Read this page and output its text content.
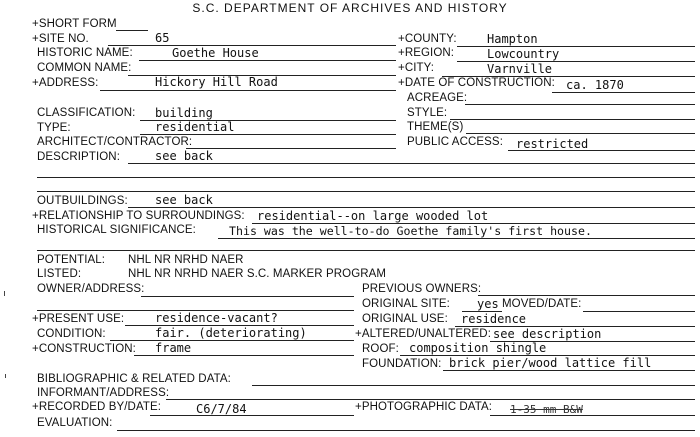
S.C. DEPARTMENT OF ARCHIVES AND HISTORY
+SHORT FORM
+SITE NO.	65
HISTORIC NAME:	Goethe House
COMMON NAME:
+ADDRESS:	Hickory Hill Road
+COUNTY:	Hampton
+REGION:	Lowcountry
+CITY:	Varnville
+DATE OF CONSTRUCTION: ca. 1870
ACREAGE:
CLASSIFICATION: building
TYPE:	residential
ARCHITECT/CONTRACTOR:
DESCRIPTION:	see back
STYLE:
THEME(S)
PUBLIC ACCESS: restricted
OUTBUILDINGS: see back
+RELATIONSHIP TO SURROUNDINGS: residential--on large wooded lot
HISTORICAL SIGNIFICANCE:	This was the well-to-do Goethe family's first house.
POTENTIAL: NHL NR NRHD NAER
LISTED:	NHL NR NRHD NAER S.C. MARKER PROGRAM
OWNER/ADDRESS:	PREVIOUS OWNERS:
ORIGINAL SITE: yes MOVED/DATE:
+PRESENT USE:	residence-vacant?	ORIGINAL USE: residence
CONDITION:	fair. (deteriorating)	+ALTERED/UNALTERED: see description
+CONSTRUCTION: frame	ROOF: composition shingle
FOUNDATION: brick pier/wood lattice fill
BIBLIOGRAPHIC & RELATED DATA:
INFORMANT/ADDRESS:
+RECORDED BY/DATE:	C6/7/84	+PHOTOGRAPHIC DATA: 1-35 mm B&W
EVALUATION:
